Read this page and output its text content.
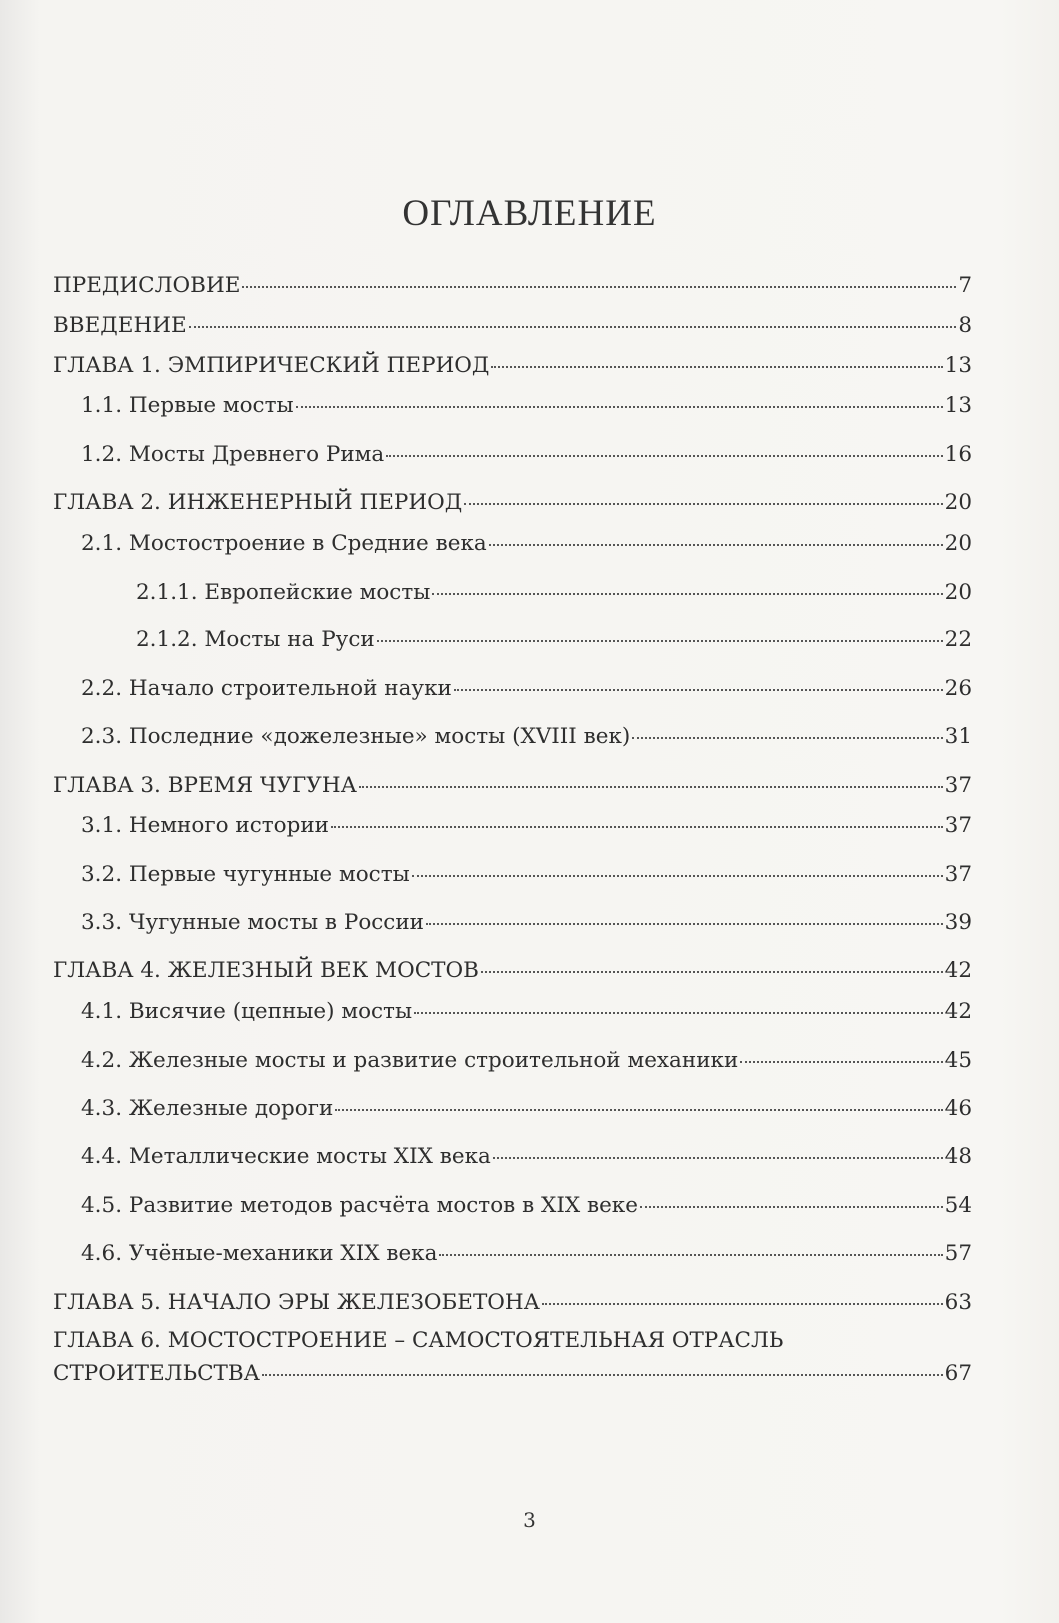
ОГЛАВЛЕНИЕ
ПРЕДИСЛОВИЕ	7
ВВЕДЕНИЕ	8
ГЛАВА 1. ЭМПИРИЧЕСКИЙ ПЕРИОД	13
1.1. Первые мосты	13
1.2. Мосты Древнего Рима	16
ГЛАВА 2. ИНЖЕНЕРНЫЙ ПЕРИОД	20
2.1. Мостостроение в Средние века	20
2.1.1. Европейские мосты	20
2.1.2. Мосты на Руси	22
2.2. Начало строительной науки	26
2.3. Последние «дожелезные» мосты (XVIII век)	31
ГЛАВА 3. ВРЕМЯ ЧУГУНА	37
3.1. Немного истории	37
3.2. Первые чугунные мосты	37
3.3. Чугунные мосты в России	39
ГЛАВА 4. ЖЕЛЕЗНЫЙ ВЕК МОСТОВ	42
4.1. Висячие (цепные) мосты	42
4.2. Железные мосты и развитие строительной механики	45
4.3. Железные дороги	46
4.4. Металлические мосты XIX века	48
4.5. Развитие методов расчёта мостов в XIX веке	54
4.6. Учёные-механики XIX века	57
ГЛАВА 5. НАЧАЛО ЭРЫ ЖЕЛЕЗОБЕТОНА	63
ГЛАВА 6. МОСТОСТРОЕНИЕ – САМОСТОЯТЕЛЬНАЯ ОТРАСЛЬ
СТРОИТЕЛЬСТВА	67
3
